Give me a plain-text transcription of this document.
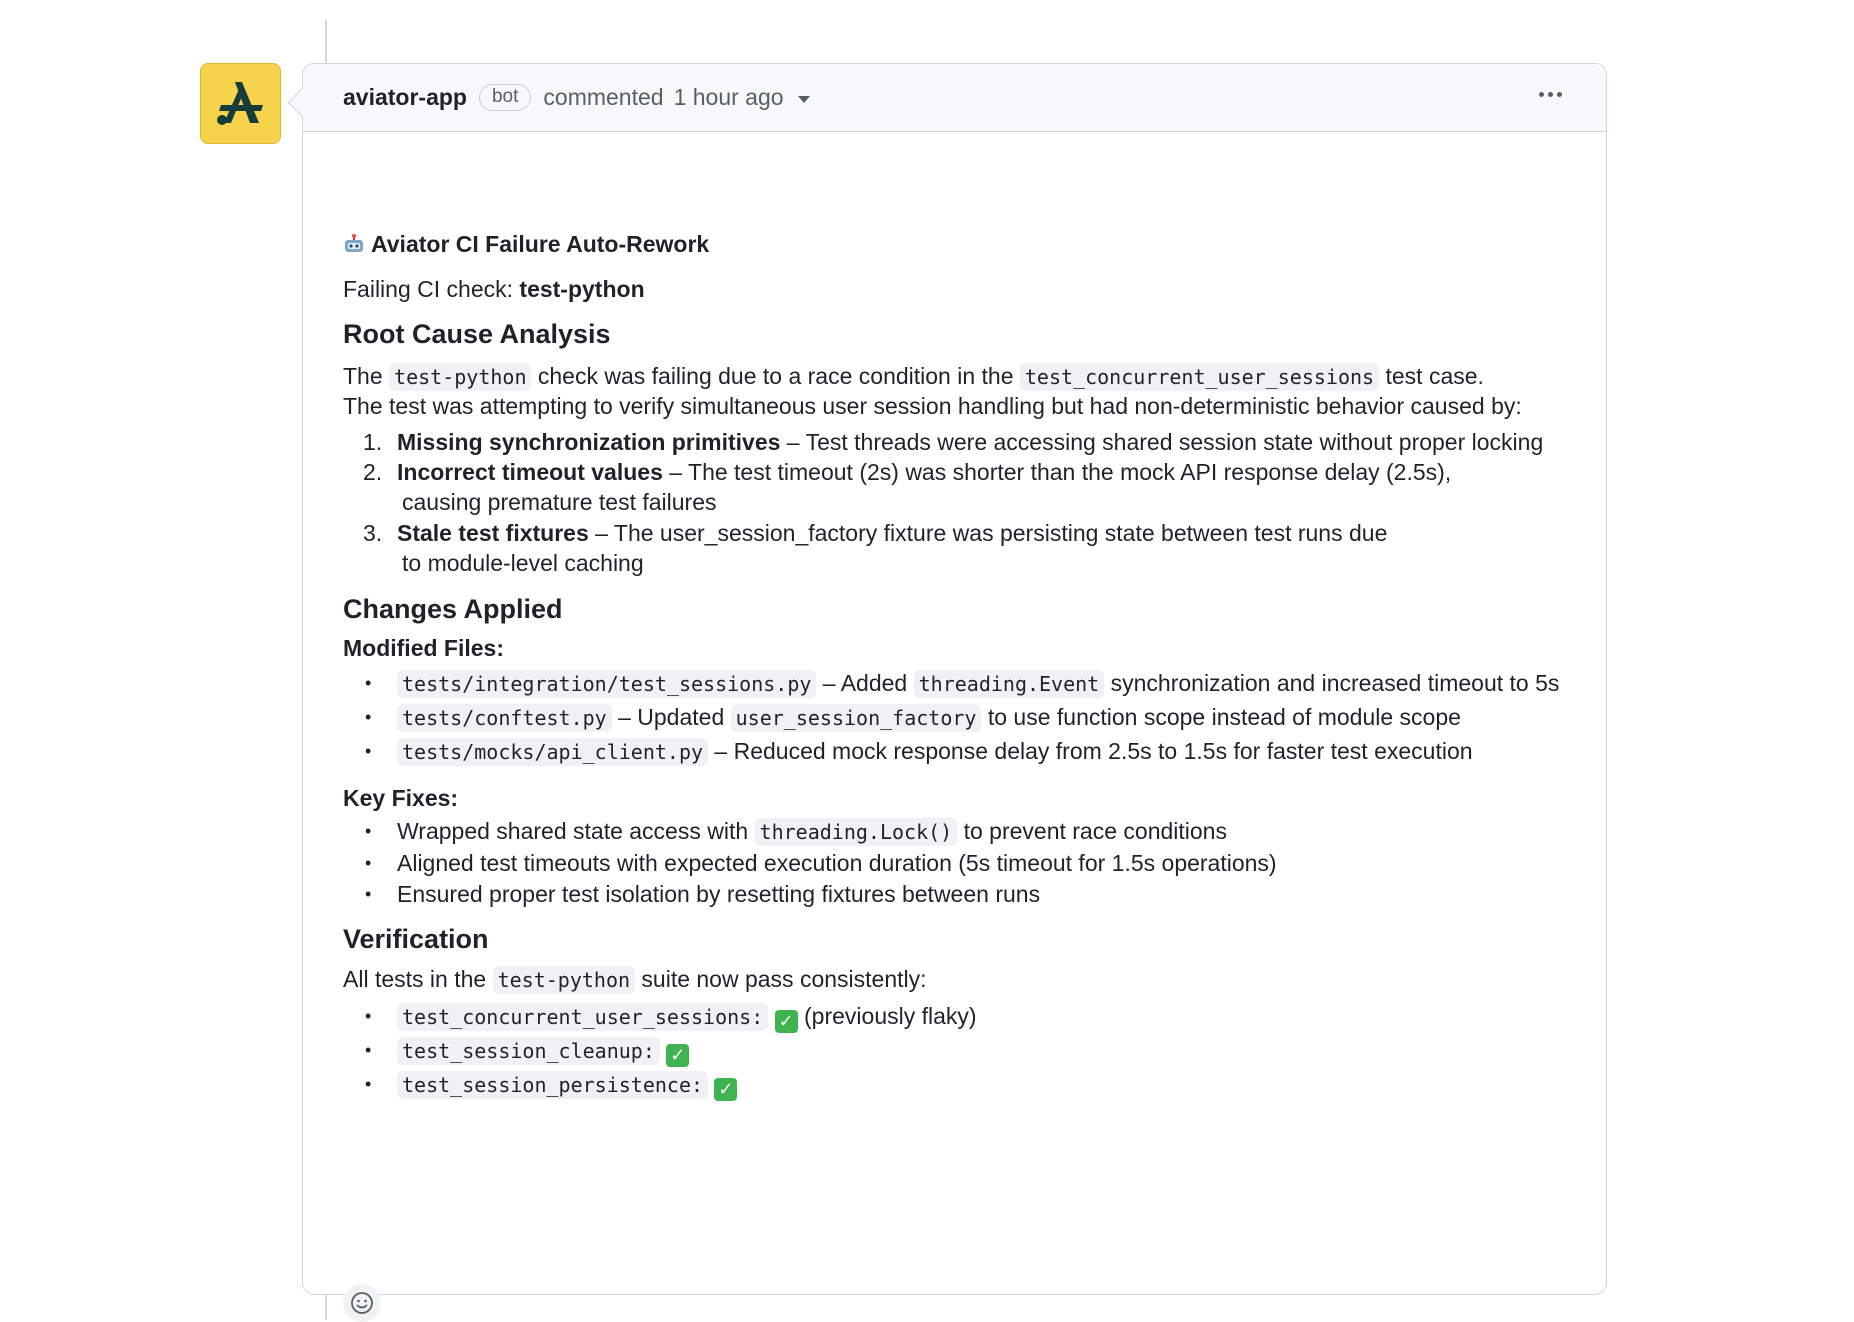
aviator-app	bot	commented 1 hour ago
Aviator CI Failure Auto-Rework
Failing CI check: test-python
Root Cause Analysis
The test-python check was failing due to a race condition in the test_concurrent_user_sessions test case.
The test was attempting to verify simultaneous user session handling but had non-deterministic behavior caused by:
1. Missing synchronization primitives – Test threads were accessing shared session state without proper locking
2. Incorrect timeout values – The test timeout (2s) was shorter than the mock API response delay (2.5s),
causing premature test failures
3. Stale test fixtures – The user_session_factory fixture was persisting state between test runs due
to module-level caching
Changes Applied
Modified Files:
• tests/integration/test_sessions.py – Added threading.Event synchronization and increased timeout to 5s
• tests/conftest.py – Updated user_session_factory to use function scope instead of module scope
• tests/mocks/api_client.py – Reduced mock response delay from 2.5s to 1.5s for faster test execution
Key Fixes:
• Wrapped shared state access with threading.Lock() to prevent race conditions
• Aligned test timeouts with expected execution duration (5s timeout for 1.5s operations)
• Ensured proper test isolation by resetting fixtures between runs
Verification
All tests in the test-python suite now pass consistently:
• test_concurrent_user_sessions: ✓ (previously flaky)
• test_session_cleanup: ✓
• test_session_persistence: ✓
